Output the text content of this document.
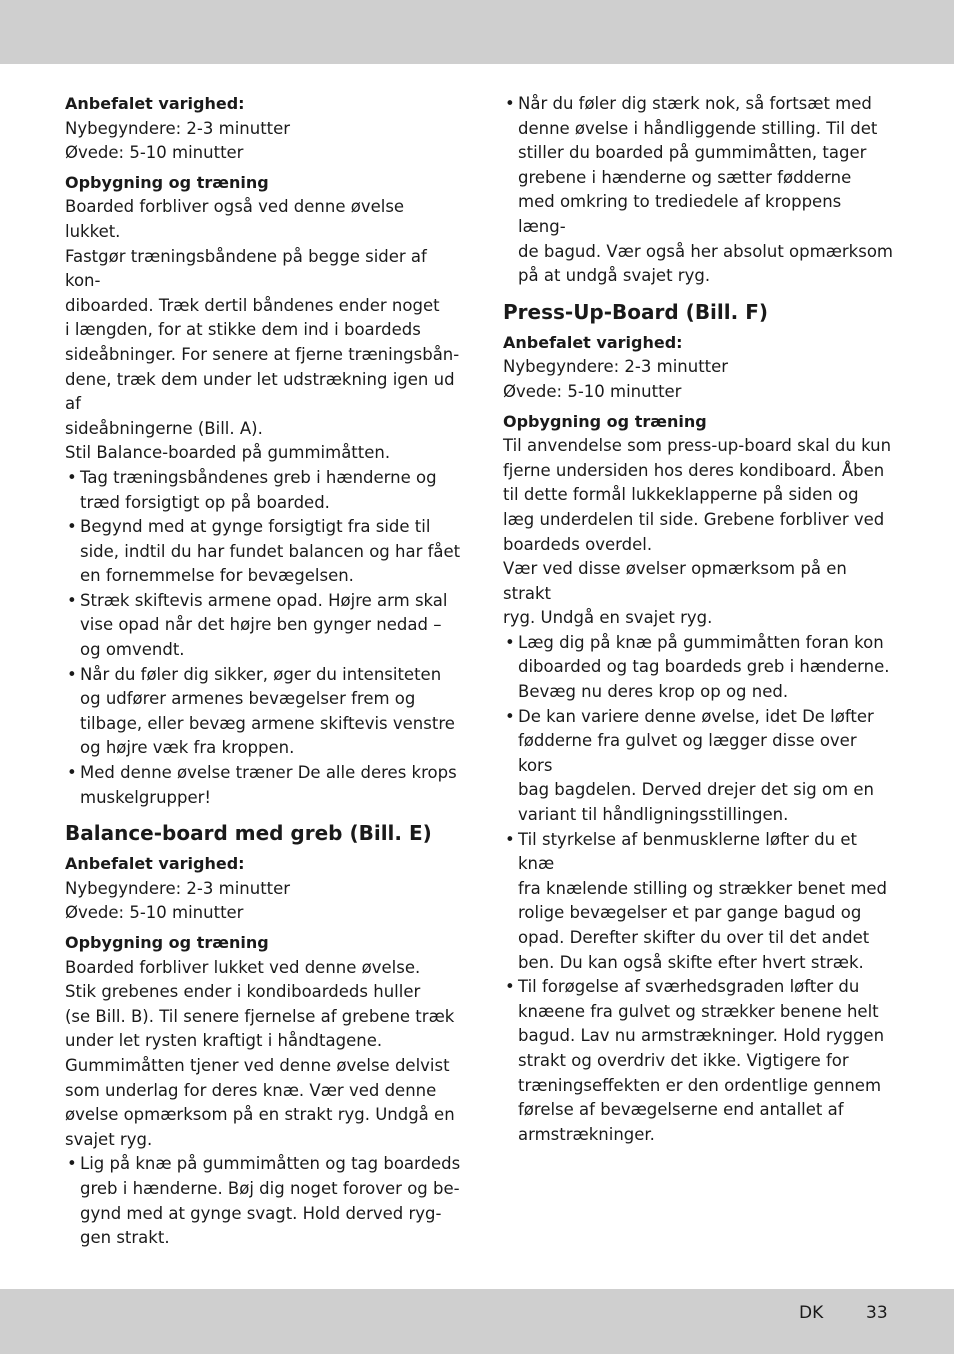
Anbefalet varighed:

Nybegyndere: 2-3 minutter

Øvede: 5-10 minutter

Opbygning og træning

Boarded forbliver også ved denne øvelse lukket.
Fastgør træningsbåndene på begge sider af kon-
diboarded. Træk dertil båndenes ender noget
i længden, for at stikke dem ind i boardeds
sideåbninger. For senere at fjerne træningsbån-
dene, træk dem under let udstrækning igen ud af
sideåbningerne (Bill. A).

Stil Balance-boarded på gummimåtten.

• Tag træningsbåndenes greb i hænderne og
træd forsigtigt op på boarded.
• Begynd med at gynge forsigtigt fra side til
side, indtil du har fundet balancen og har fået
en fornemmelse for bevægelsen.
• Stræk skiftevis armene opad. Højre arm skal
vise opad når det højre ben gynger nedad –
og omvendt.
• Når du føler dig sikker, øger du intensiteten
og udfører armenes bevægelser frem og
tilbage, eller bevæg armene skiftevis venstre
og højre væk fra kroppen.
• Med denne øvelse træner De alle deres krops
muskelgrupper!
Balance-board med greb (Bill. E)

Anbefalet varighed:

Nybegyndere: 2-3 minutter

Øvede: 5-10 minutter

Opbygning og træning

Boarded forbliver lukket ved denne øvelse.
Stik grebenes ender i kondiboardeds huller
(se Bill. B). Til senere fjernelse af grebene træk
under let rysten kraftigt i håndtagene.
Gummimåtten tjener ved denne øvelse delvist
som underlag for deres knæ. Vær ved denne
øvelse opmærksom på en strakt ryg. Undgå en
svajet ryg.

• Lig på knæ på gummimåtten og tag boardeds
greb i hænderne. Bøj dig noget forover og be-
gynd med at gynge svagt. Hold derved ryg-
gen strakt.
• Når du føler dig stærk nok, så fortsæt med
denne øvelse i håndliggende stilling. Til det
stiller du boarded på gummimåtten, tager
grebene i hænderne og sætter fødderne
med omkring to trediedele af kroppens læng-
de bagud. Vær også her absolut opmærksom
på at undgå svajet ryg.
Press-Up-Board (Bill. F)

Anbefalet varighed:

Nybegyndere: 2-3 minutter

Øvede: 5-10 minutter

Opbygning og træning

Til anvendelse som press-up-board skal du kun
fjerne undersiden hos deres kondiboard. Åben
til dette formål lukkeklapperne på siden og
læg underdelen til side. Grebene forbliver ved
boardeds overdel.

Vær ved disse øvelser opmærksom på en strakt
ryg. Undgå en svajet ryg.

• Læg dig på knæ på gummimåtten foran kon
diboarded og tag boardeds greb i hænderne.
Bevæg nu deres krop op og ned.
• De kan variere denne øvelse, idet De løfter
fødderne fra gulvet og lægger disse over kors
bag bagdelen. Derved drejer det sig om en
variant til håndligningsstillingen.
• Til styrkelse af benmusklerne løfter du et knæ
fra knælende stilling og strækker benet med
rolige bevægelser et par gange bagud og
opad. Derefter skifter du over til det andet
ben. Du kan også skifte efter hvert stræk.
• Til forøgelse af sværhedsgraden løfter du
knæene fra gulvet og strækker benene helt
bagud. Lav nu armstrækninger. Hold ryggen
strakt og overdriv det ikke. Vigtigere for
træningseffekten er den ordentlige gennem
førelse af bevægelserne end antallet af
armstrækninger.
DK	33
